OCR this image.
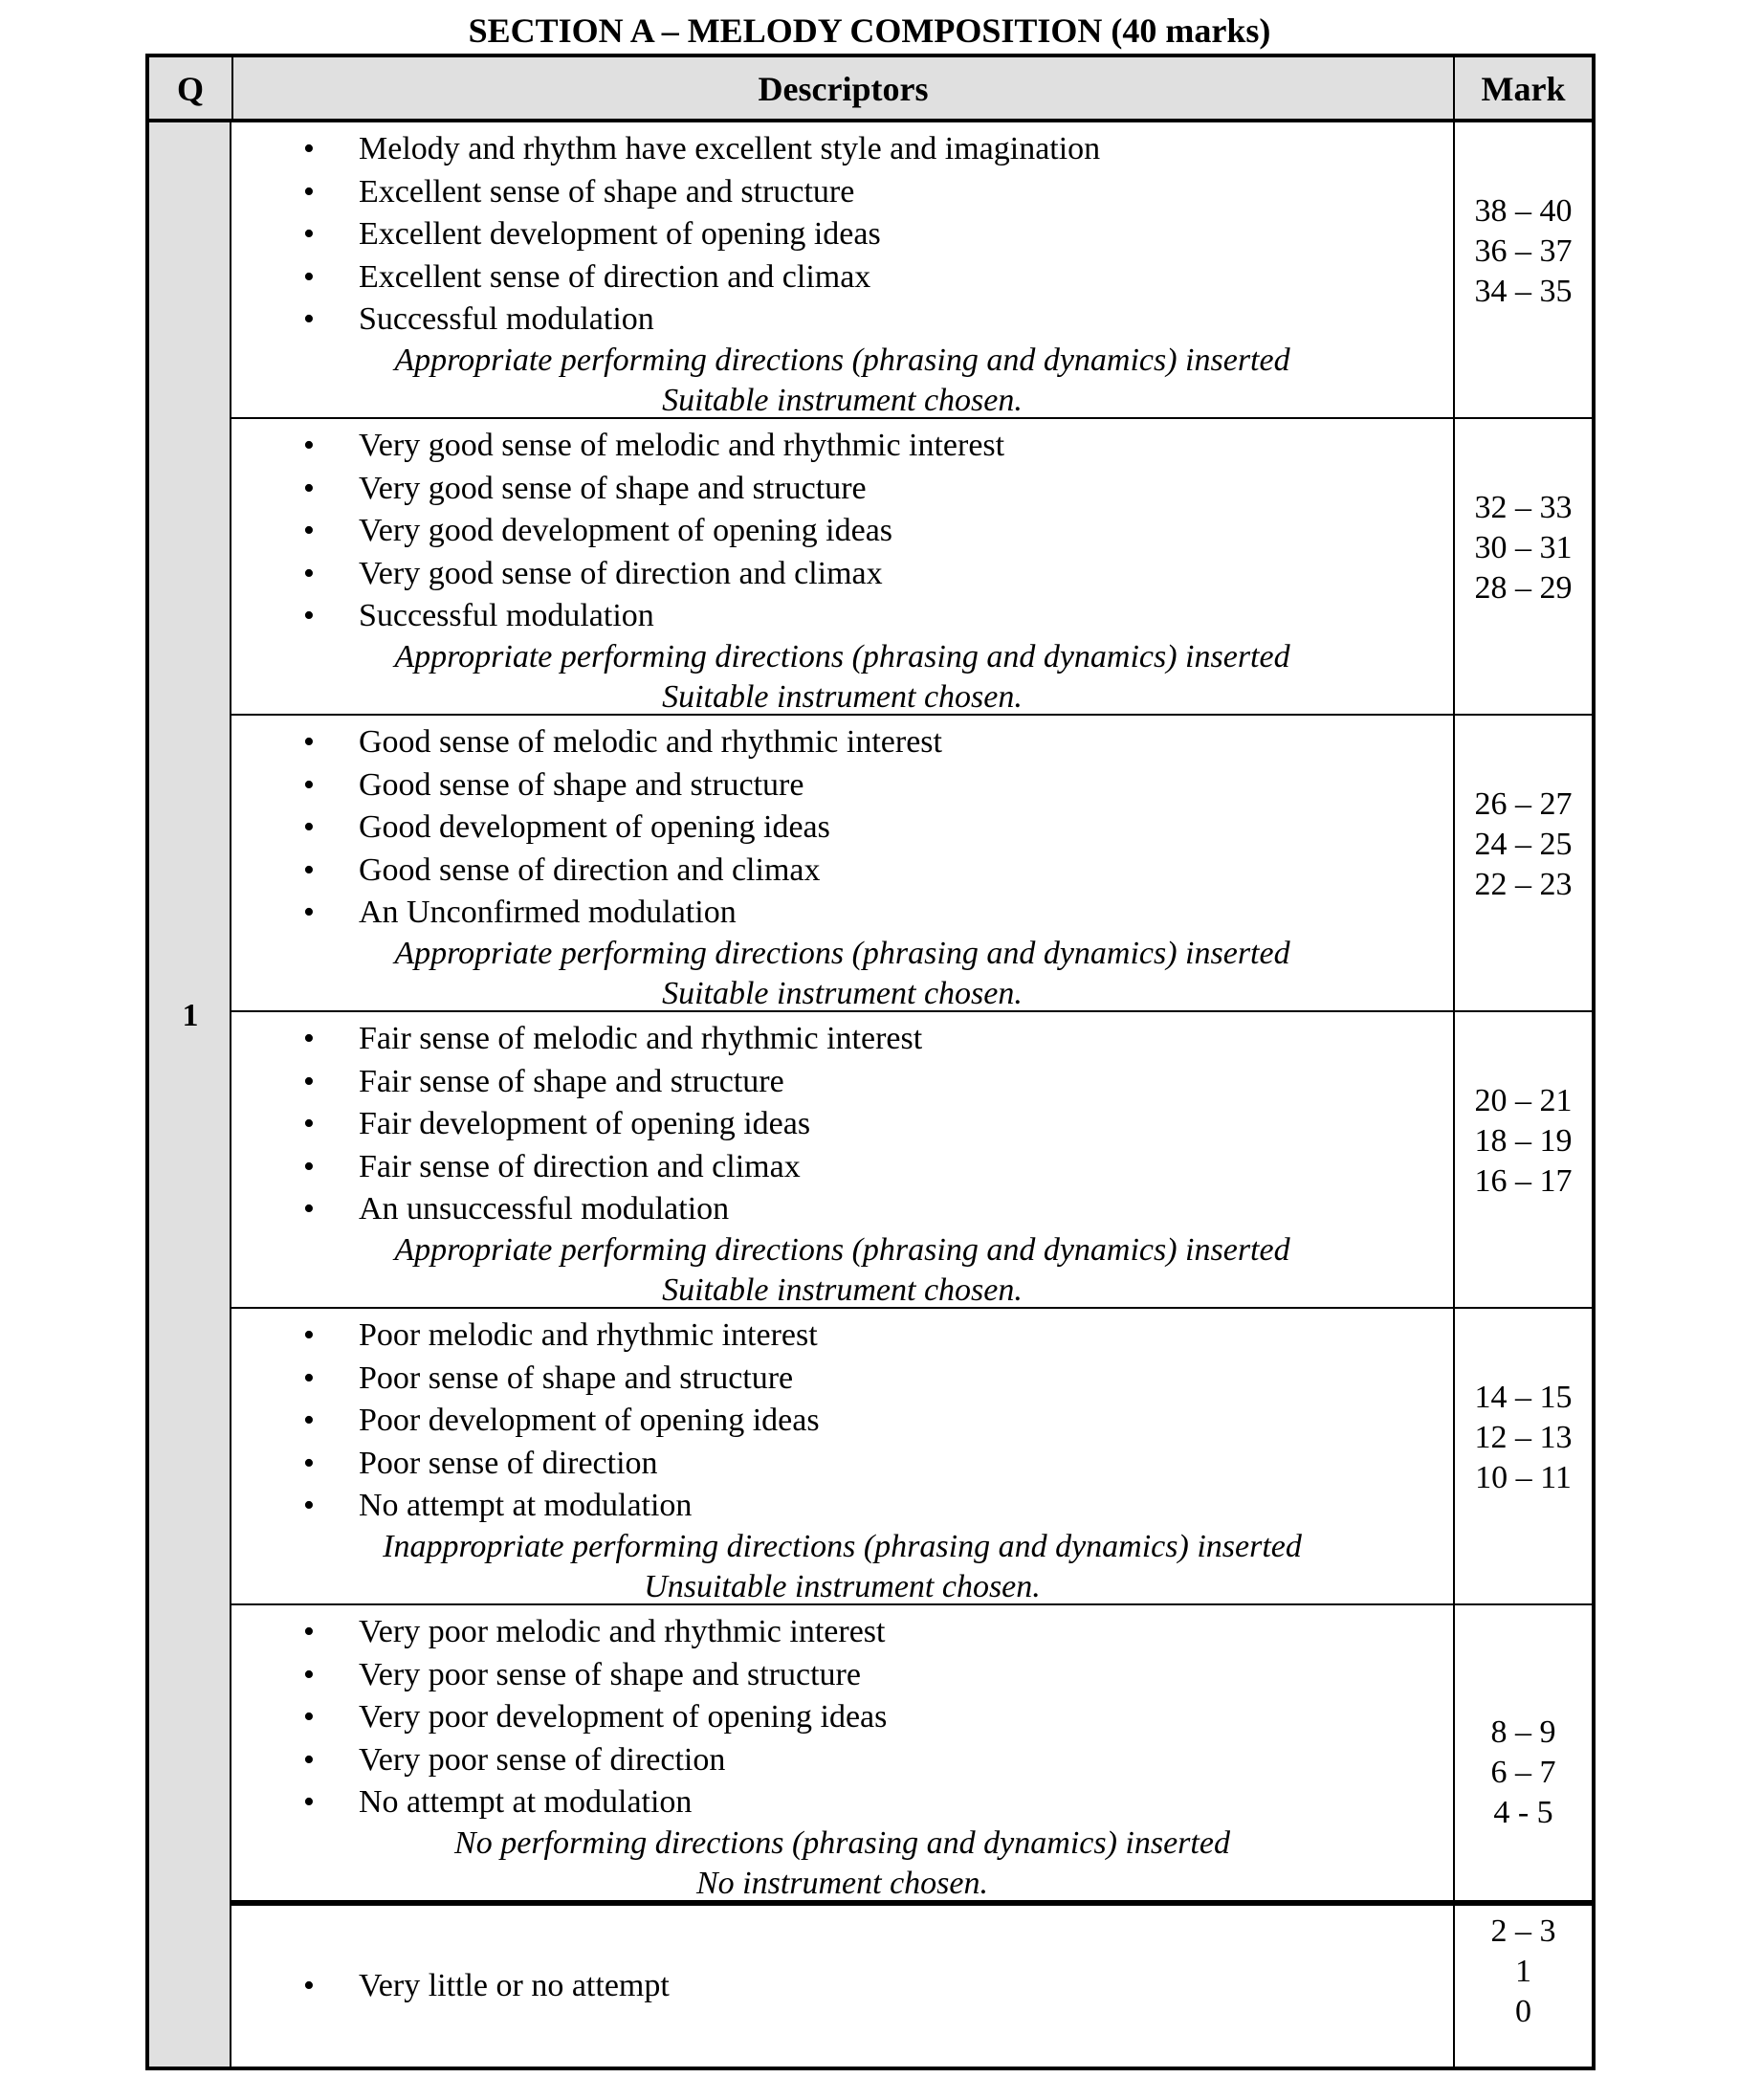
SECTION A – MELODY COMPOSITION (40 marks)
Q	Descriptors	Mark
1
• Melody and rhythm have excellent style and imagination
• Excellent sense of shape and structure
• Excellent development of opening ideas
• Excellent sense of direction and climax
• Successful modulation
Appropriate performing directions (phrasing and dynamics) inserted
Suitable instrument chosen.
38 – 40
36 – 37
34 – 35
• Very good sense of melodic and rhythmic interest
• Very good sense of shape and structure
• Very good development of opening ideas
• Very good sense of direction and climax
• Successful modulation
Appropriate performing directions (phrasing and dynamics) inserted
Suitable instrument chosen.
32 – 33
30 – 31
28 – 29
• Good sense of melodic and rhythmic interest
• Good sense of shape and structure
• Good development of opening ideas
• Good sense of direction and climax
• An Unconfirmed modulation
Appropriate performing directions (phrasing and dynamics) inserted
Suitable instrument chosen.
26 – 27
24 – 25
22 – 23
• Fair sense of melodic and rhythmic interest
• Fair sense of shape and structure
• Fair development of opening ideas
• Fair sense of direction and climax
• An unsuccessful modulation
Appropriate performing directions (phrasing and dynamics) inserted
Suitable instrument chosen.
20 – 21
18 – 19
16 – 17
• Poor melodic and rhythmic interest
• Poor sense of shape and structure
• Poor development of opening ideas
• Poor sense of direction
• No attempt at modulation
Inappropriate performing directions (phrasing and dynamics) inserted
Unsuitable instrument chosen.
14 – 15
12 – 13
10 – 11
• Very poor melodic and rhythmic interest
• Very poor sense of shape and structure
• Very poor development of opening ideas
• Very poor sense of direction
• No attempt at modulation
No performing directions (phrasing and dynamics) inserted
No instrument chosen.
8 – 9
6 – 7
4 - 5
• Very little or no attempt
2 – 3
1
0
